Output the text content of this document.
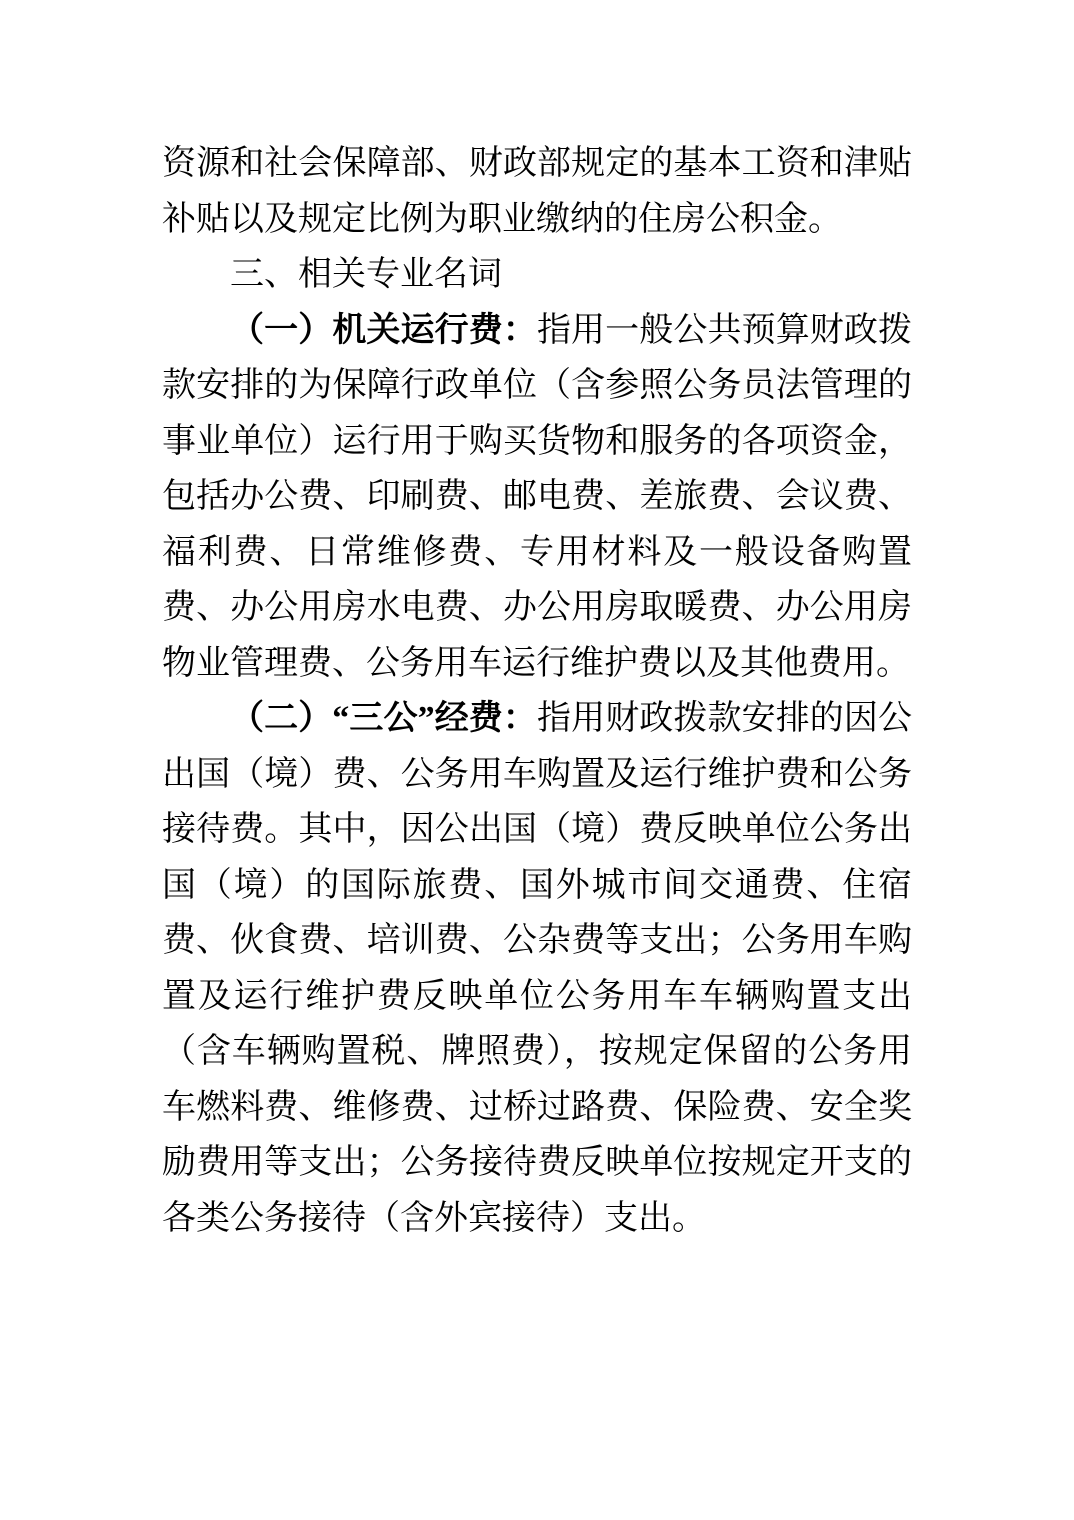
资源和社会保障部、财政部规定的基本工资和津贴补贴以及规定比例为职业缴纳的住房公积金。

三、相关专业名词

（一）机关运行费：指用一般公共预算财政拨款安排的为保障行政单位（含参照公务员法管理的事业单位）运行用于购买货物和服务的各项资金，包括办公费、印刷费、邮电费、差旅费、会议费、福利费、日常维修费、专用材料及一般设备购置费、办公用房水电费、办公用房取暖费、办公用房物业管理费、公务用车运行维护费以及其他费用。

（二）“三公”经费：指用财政拨款安排的因公出国（境）费、公务用车购置及运行维护费和公务接待费。其中，因公出国（境）费反映单位公务出国（境）的国际旅费、国外城市间交通费、住宿费、伙食费、培训费、公杂费等支出；公务用车购置及运行维护费反映单位公务用车车辆购置支出（含车辆购置税、牌照费），按规定保留的公务用车燃料费、维修费、过桥过路费、保险费、安全奖励费用等支出；公务接待费反映单位按规定开支的各类公务接待（含外宾接待）支出。
